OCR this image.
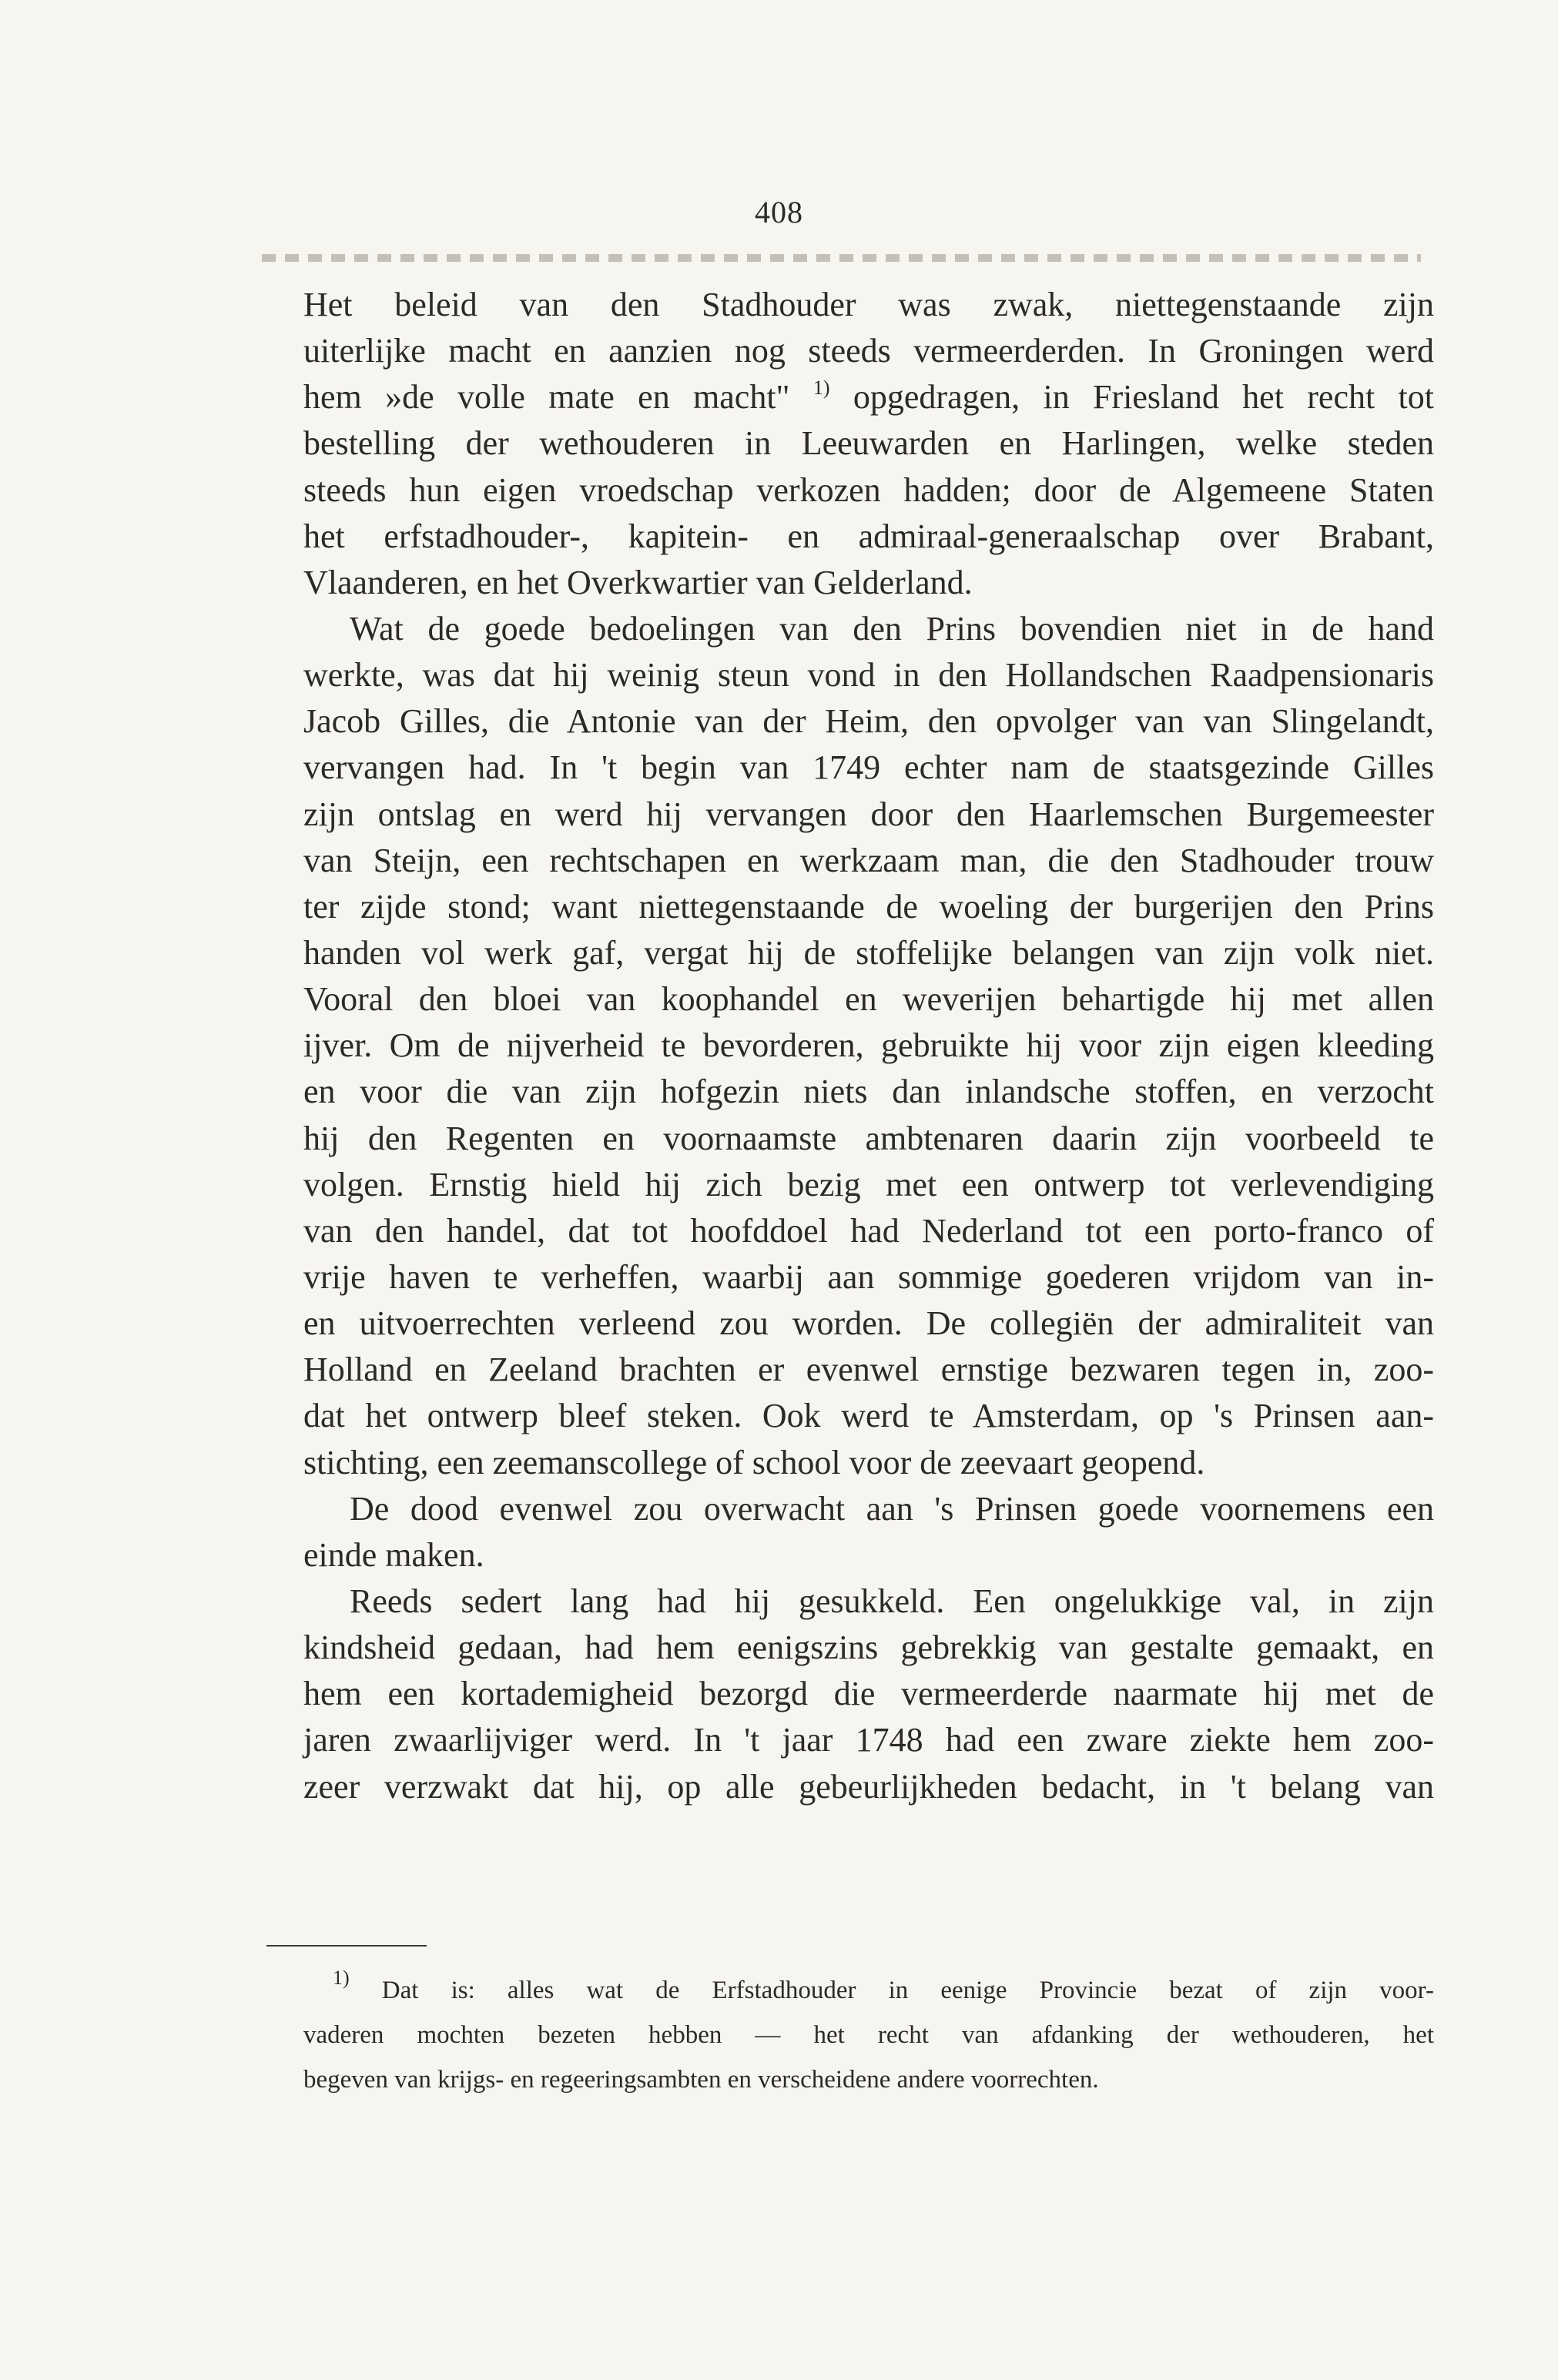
408
Het beleid van den Stadhouder was zwak, niettegenstaande zijn
uiterlijke macht en aanzien nog steeds vermeerderden. In Groningen werd
hem »de volle mate en macht" $^{1)}$ opgedragen, in Friesland het recht tot
bestelling der wethouderen in Leeuwarden en Harlingen, welke steden
steeds hun eigen vroedschap verkozen hadden; door de Algemeene Staten
het erfstadhouder-, kapitein- en admiraal-generaalschap over Brabant,
Vlaanderen, en het Overkwartier van Gelderland.
Wat de goede bedoelingen van den Prins bovendien niet in de hand
werkte, was dat hij weinig steun vond in den Hollandschen Raadpensionaris
Jacob Gilles, die Antonie van der Heim, den opvolger van van Slingelandt,
vervangen had. In 't begin van 1749 echter nam de staatsgezinde Gilles
zijn ontslag en werd hij vervangen door den Haarlemschen Burgemeester
van Steijn, een rechtschapen en werkzaam man, die den Stadhouder trouw
ter zijde stond; want niettegenstaande de woeling der burgerijen den Prins
handen vol werk gaf, vergat hij de stoffelijke belangen van zijn volk niet.
Vooral den bloei van koophandel en weverijen behartigde hij met allen
ijver. Om de nijverheid te bevorderen, gebruikte hij voor zijn eigen kleeding
en voor die van zijn hofgezin niets dan inlandsche stoffen, en verzocht
hij den Regenten en voornaamste ambtenaren daarin zijn voorbeeld te
volgen. Ernstig hield hij zich bezig met een ontwerp tot verlevendiging
van den handel, dat tot hoofddoel had Nederland tot een porto-franco of
vrije haven te verheffen, waarbij aan sommige goederen vrijdom van in-
en uitvoerrechten verleend zou worden. De collegiën der admiraliteit van
Holland en Zeeland brachten er evenwel ernstige bezwaren tegen in, zoo-
dat het ontwerp bleef steken. Ook werd te Amsterdam, op 's Prinsen aan-
stichting, een zeemanscollege of school voor de zeevaart geopend.
De dood evenwel zou overwacht aan 's Prinsen goede voornemens een
einde maken.
Reeds sedert lang had hij gesukkeld. Een ongelukkige val, in zijn
kindsheid gedaan, had hem eenigszins gebrekkig van gestalte gemaakt, en
hem een kortademigheid bezorgd die vermeerderde naarmate hij met de
jaren zwaarlijviger werd. In 't jaar 1748 had een zware ziekte hem zoo-
zeer verzwakt dat hij, op alle gebeurlijkheden bedacht, in 't belang van
$^{1)}$ Dat is: alles wat de Erfstadhouder in eenige Provincie bezat of zijn voor-
vaderen mochten bezeten hebben — het recht van afdanking der wethouderen, het
begeven van krijgs- en regeeringsambten en verscheidene andere voorrechten.
